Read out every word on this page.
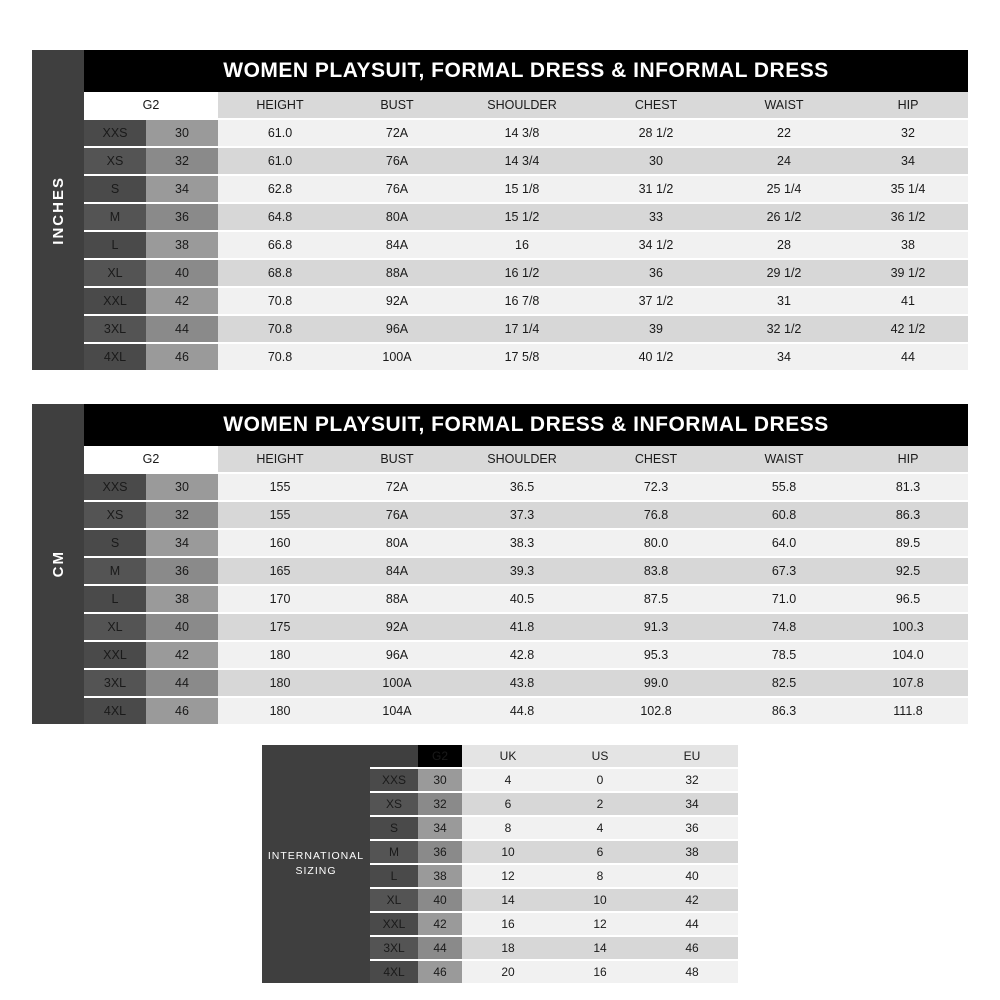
INCHES
WOMEN PLAYSUIT, FORMAL DRESS & INFORMAL DRESS
G2		HEIGHT	BUST	SHOULDER	CHEST	WAIST	HIP
XXS	30	61.0	72A	14 3/8	28 1/2	22	32
XS	32	61.0	76A	14 3/4	30	24	34
S	34	62.8	76A	15 1/8	31 1/2	25 1/4	35 1/4
M	36	64.8	80A	15 1/2	33	26 1/2	36 1/2
L	38	66.8	84A	16	34 1/2	28	38
XL	40	68.8	88A	16 1/2	36	29 1/2	39 1/2
XXL	42	70.8	92A	16 7/8	37 1/2	31	41
3XL	44	70.8	96A	17 1/4	39	32 1/2	42 1/2
4XL	46	70.8	100A	17 5/8	40 1/2	34	44
CM
WOMEN PLAYSUIT, FORMAL DRESS & INFORMAL DRESS
G2		HEIGHT	BUST	SHOULDER	CHEST	WAIST	HIP
XXS	30	155	72A	36.5	72.3	55.8	81.3
XS	32	155	76A	37.3	76.8	60.8	86.3
S	34	160	80A	38.3	80.0	64.0	89.5
M	36	165	84A	39.3	83.8	67.3	92.5
L	38	170	88A	40.5	87.5	71.0	96.5
XL	40	175	92A	41.8	91.3	74.8	100.3
XXL	42	180	96A	42.8	95.3	78.5	104.0
3XL	44	180	100A	43.8	99.0	82.5	107.8
4XL	46	180	104A	44.8	102.8	86.3	111.8
INTERNATIONAL SIZING
	G2	UK	US	EU
XXS	30	4	0	32
XS	32	6	2	34
S	34	8	4	36
M	36	10	6	38
L	38	12	8	40
XL	40	14	10	42
XXL	42	16	12	44
3XL	44	18	14	46
4XL	46	20	16	48
